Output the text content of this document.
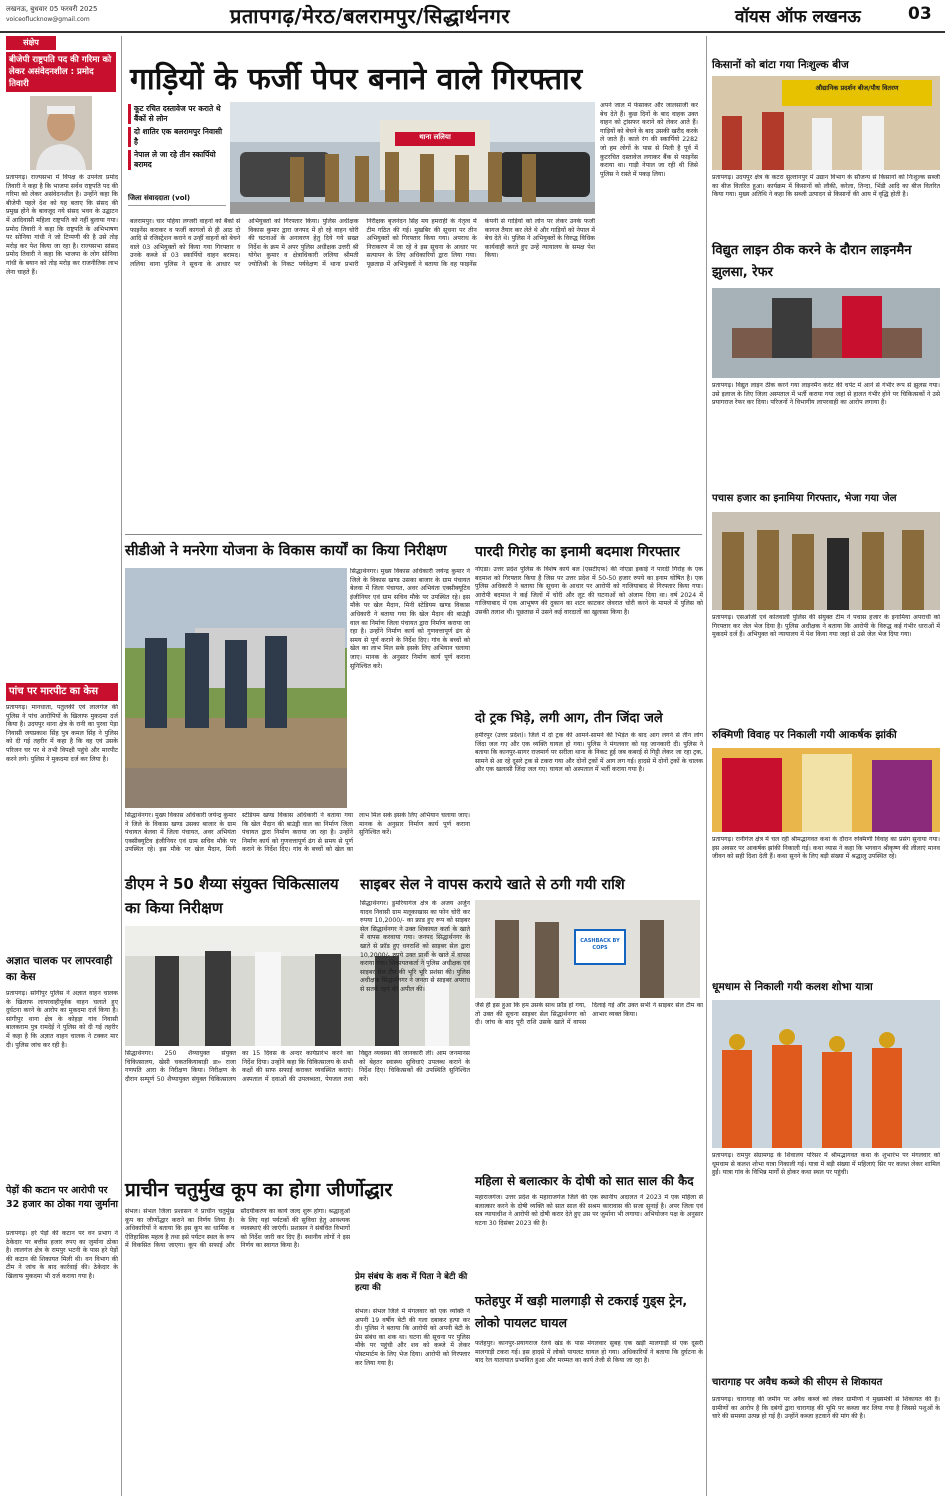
लखनऊ, बुधवार 05 फरवरी 2025
voiceoflucknow@gmail.com	प्रतापगढ़/मेरठ/बलरामपुर/सिद्धार्थनगर	वॉयस ऑफ लखनऊ	03
संक्षेप
बीजेपी राष्ट्रपति पद की गरिमा को लेकर असंवेदनशील : प्रमोद तिवारी
प्रतापगढ़। राज्यसभा में विपक्ष के उपनेता प्रमोद तिवारी ने कहा है कि भाजपा सर्वथ राष्ट्रपति पद की गरिमा को लेकर असंवेदनशील है। उन्होंने कहा कि बीजेपी पहले देश को यह बताए कि संसद की प्रमुख होने के बावजूद नये संसद भवन के उद्घाटन में आदिवासी महिला राष्ट्रपति को नहीं बुलाया गया। प्रमोद तिवारी ने कहा कि राष्ट्रपति के अभिभाषण पर सोनिया गांधी ने जो टिप्पणी की है उसे तोड़ मरोड़ कर पेश किया जा रहा है। राज्यसभा सांसद प्रमोद तिवारी ने कहा कि भाजपा के लोग सोनिया गांधी के बयान को तोड़ मरोड़ कर राजनीतिक लाभ लेना चाहते हैं।
पांच पर मारपीट का केस
प्रतापगढ़। मानधाता, पतुलकी एवं लालगंज की पुलिस ने पांच आरोपियों के खिलाफ मुकदमा दर्ज किया है। उदयपुर थाना क्षेत्र के रानी का पुरवा पेड़ा निवासी जयप्रकाश सिंह पुत्र कमल सिंह ने पुलिस को दी गई तहरीर में कहा है कि वह एवं उसके परिजन घर पर थे तभी विपक्षी पहुंचे और मारपीट करने लगे। पुलिस ने मुकदमा दर्ज कर लिया है।
अज्ञात चालक पर लापरवाही का केस
प्रतापगढ़। सांगीपुर पुलिस ने अज्ञात वाहन चालक के खिलाफ लापरवाहीपूर्वक वाहन चलाते हुए दुर्घटना करने के आरोप का मुकदमा दर्ज किया है। सांगीपुर थाना क्षेत्र के कोहड़ा गांव निवासी बालकराम पुत्र रामदेई ने पुलिस को दी गई तहरीर में कहा है कि अज्ञात वाहन चालक ने टक्कर मार दी। पुलिस जांच कर रही है।
पेड़ों की कटान पर आरोपी पर 32 हजार का ठोका गया जुर्माना
प्रतापगढ़। हरे पेड़ों की कटान पर वन प्रभाग ने ठेकेदार पर बत्तीस हजार रुपए का जुर्माना ठोका है। लालगंज क्षेत्र के रामपुर भटनी के पास हरे पेड़ों की कटान की शिकायत मिली थी। वन विभाग की टीम ने जांच के बाद कार्रवाई की। ठेकेदार के खिलाफ मुकदमा भी दर्ज कराया गया है।
गाड़ियों के फर्जी पेपर बनाने वाले गिरफ्तार
कूट रचित दस्तावेज पर कराते थे बैंकों से लोन
दो शातिर एक बलरामपुर निवासी है
नेपाल ले जा रहे तीन स्कार्पियो बरामद
जिला संवाददाता (vol)
थाना ललिया
बलरामपुर। चार पहिया लग्जरी वाहनों को बैंकों से फाइनेंस कराकर व फर्जी कागजों से ही आठ दो आदि से रजिस्ट्रेशन कराने व उन्हीं वाहनों को बेचने वाले 03 अभियुक्तों को किया गया गिरफ्तार व उनके कब्जे से 03 स्कार्पियो वाहन बरामद। ललिया थाना पुलिस ने सूचना के आधार पर अभियुक्तों को गिरफ्तार किया। पुलिस अधीक्षक विकास कुमार द्वारा जनपद में हो रहे वाहन चोरी की घटनाओं के अनावरण हेतु दिये गये सख्त निर्देश के क्रम में अपर पुलिस अधीक्षक उत्तरी श्री योगेश कुमार व क्षेत्राधिकारी ललिया श्रीमती ज्योतिश्री के निकट पर्यवेक्षण में थाना प्रभारी निरीक्षक बृजनंदन सिंह मय हमराही के नेतृत्व में टीम गठित की गई। मुखबिर की सूचना पर तीन अभियुक्तों को गिरफ्तार किया गया। अपराध के निराकरण में जा रहे वे इस सूचना के आधार पर सत्यापन के लिए अधिकारियों द्वारा लिया गया। पूछताछ में अभियुक्तों ने बताया कि वह फाइनेंस कंपनी से गाड़ियों को लोन पर लेकर उनके फर्जी कागज तैयार कर लेते थे और गाड़ियों को नेपाल में बेच देते थे। पुलिस ने अभियुक्तों के विरुद्ध विधिक कार्यवाही करते हुए उन्हें न्यायालय के समक्ष पेश किया।
अपने जाल में फंसाकर और जालसाजी कर बेच देते हैं। कुछ दिनों के बाद वाहक उक्त वाहन को ट्रांसफर कराने को लेकर आते हैं। गाड़ियों को बेचने के बाद उसकी खरीद करके ले जाते हैं। काले रंग की स्कार्पियो 2282 जो हम लोगों के पास से मिली है पूर्व में कुटरचित दस्तावेज लगाकर बैंक से फाइनेंस कराया था। गाड़ी नेपाल जा रही थी जिसे पुलिस ने रास्ते में पकड़ लिया।
सीडीओ ने मनरेगा योजना के विकास कार्यों का किया निरीक्षण
सिद्धार्थनगर। मुख्य विकास अधिकारी जयेन्द्र कुमार ने जिले के विकास खण्ड उसका बाजार के ग्राम पंचायत बेलवा में जिला पंचायत, अवर अभियंता एक्सीक्यूटिव इंजीनियर एवं ग्राम सचिव मौके पर उपस्थित रहे। इस मौके पर खेल मैदान, मिनी स्टेडियम खण्ड विकास अधिकारी ने बताया गया कि खेल मैदान की बाउंड्री वाल का निर्माण जिला पंचायत द्वारा निर्माण कराया जा रहा है। उन्होंने निर्माण कार्य को गुणवत्तापूर्ण ढंग से समय से पूर्ण कराने के निर्देश दिए। गांव के बच्चों को खेल का लाभ मिल सके इसके लिए अभियान चलाया जाए। मानक के अनुसार निर्माण कार्य पूर्ण कराना सुनिश्चित करें।
सिद्धार्थनगर। मुख्य विकास अधिकारी जयेन्द्र कुमार ने जिले के विकास खण्ड उसका बाजार के ग्राम पंचायत बेलवा में जिला पंचायत, अवर अभियंता एक्सीक्यूटिव इंजीनियर एवं ग्राम सचिव मौके पर उपस्थित रहे। इस मौके पर खेल मैदान, मिनी स्टेडियम खण्ड विकास अधिकारी ने बताया गया कि खेल मैदान की बाउंड्री वाल का निर्माण जिला पंचायत द्वारा निर्माण कराया जा रहा है। उन्होंने निर्माण कार्य को गुणवत्तापूर्ण ढंग से समय से पूर्ण कराने के निर्देश दिए। गांव के बच्चों को खेल का लाभ मिल सके इसके लिए अभियान चलाया जाए। मानक के अनुसार निर्माण कार्य पूर्ण कराना सुनिश्चित करें।
डीएम ने 50 शैय्या संयुक्त चिकित्सालय का किया निरीक्षण
सिद्धार्थनगर। 250 शैय्यायुक्त संयुक्त चिकित्सालय, खेसी चकतकियाबाड़ी डा० राजा गणपति आरा के निरीक्षण किया। निरीक्षण के दौरान सम्पूर्ण 50 शैय्यायुक्त संयुक्त चिकित्सालय का 15 दिवस के अन्दर कार्यप्रारंभ करने का निर्देश दिया। उन्होंने कहा कि चिकित्सालय के सभी कक्षों की साफ सफाई कराकर व्यवस्थित कराएं। अस्पताल में दवाओं की उपलब्धता, पेयजल तथा विद्युत व्यवस्था की जानकारी ली। आम जनमानस को बेहतर स्वास्थ्य सुविधाएं उपलब्ध कराने के निर्देश दिए। चिकित्सकों की उपस्थिति सुनिश्चित करें।
पारदी गिरोह का इनामी बदमाश गिरफ्तार
नोएडा। उत्तर प्रदेश पुलिस के विशेष कार्य बल (एसटीएफ) की नोएडा इकाई ने पारदी गिरोह के एक बदमाश को गिरफ्तार किया है जिस पर उत्तर प्रदेश में 50-50 हजार रुपये का इनाम घोषित है। एक पुलिस अधिकारी ने बताया कि सूचना के आधार पर आरोपी को गाजियाबाद से गिरफ्तार किया गया। आरोपी बदमाश ने कई जिलों में चोरी और लूट की घटनाओं को अंजाम दिया था। वर्ष 2024 में गाजियाबाद में एक आभूषण की दुकान का शटर काटकर जेवरात चोरी करने के मामले में पुलिस को उसकी तलाश थी। पूछताछ में उसने कई वारदातों का खुलासा किया है।
दो ट्रक भिड़े, लगी आग, तीन जिंदा जले
हमीरपुर (उत्तर प्रदेश)। जिले में दो ट्रक की आमने-सामने की भिड़ंत के बाद आग लगने से तीन लोग जिंदा जल गए और एक व्यक्ति घायल हो गया। पुलिस ने मंगलवार को यह जानकारी दी। पुलिस ने बताया कि कानपुर-सागर राजमार्ग पर सरीला थाना के निकट हुई जब कबरई से गिट्टी लेकर जा रहा ट्रक, सामने से आ रहे दूसरे ट्रक से टकरा गया और दोनों ट्रकों में आग लग गई। हादसे में दोनों ट्रकों के चालक और एक खलासी जिंदा जल गए। घायल को अस्पताल में भर्ती कराया गया है।
साइबर सेल ने वापस कराये खाते से ठगी गयी राशि
सिद्धार्थनगर। डुमरियागंज क्षेत्र के अजय अर्जुन यादव निवासी ग्राम मलूकाखास का फोन चोरी कर रुपया 10,2000/- का फ्राड हुए रूप को साइबर सेल सिद्धार्थनगर ने उक्त शिकायत कर्ता के खाते में वापस करवाया गया। जनपद सिद्धार्थनगर के खाते से फ्रॉड हुए धनराशि को साइबर सेल द्वारा 10,2000/- रुपये उक्त प्रार्थी के खाते में वापस कराया गया। शिकायतकर्ता ने पुलिस अधीक्षक एवं साइबर सेल टीम की भूरि भूरि प्रशंसा की। पुलिस अधीक्षक सिद्धार्थनगर ने जनता से साइबर अपराध से सतर्क रहने की अपील की।
CASHBACK BY COPS
जैसे ही इस हुआ कि हम उसके साथ फ्रॉड हो गया, तो उक्त की सूचना साइबर सेल सिद्धार्थनगर को दी। जांच के बाद पूरी राशि उसके खाते में वापस दिलाई गई और उक्त सभी ने साइबर सेल टीम का आभार व्यक्त किया।
महिला से बलात्कार के दोषी को सात साल की कैद
महाराजगंज। उत्तर प्रदेश के महाराजगंज जिले की एक स्थानीय अदालत ने 2023 में एक महिला से बलात्कार करने के दोषी व्यक्ति को सात साल की सश्रम कारावास की सजा सुनाई है। अपर जिला एवं सत्र न्यायाधीश ने आरोपी को दोषी करार देते हुए उस पर जुर्माना भी लगाया। अभियोजन पक्ष के अनुसार घटना 30 दिसंबर 2023 की है।
फतेहपुर में खड़ी मालगाड़ी से टकराई गुड्स ट्रेन, लोको पायलट घायल
फतेहपुर। कानपुर-प्रयागराज रेलवे खंड के पास मंगलवार सुबह एक खड़ी मालगाड़ी से एक दूसरी मालगाड़ी टकरा गई। इस हादसे में लोको पायलट घायल हो गया। अधिकारियों ने बताया कि दुर्घटना के बाद रेल यातायात प्रभावित हुआ और मरम्मत का कार्य तेजी से किया जा रहा है।
प्राचीन चतुर्मुख कूप का होगा जीर्णोद्धार
संभल। संभल जिला प्रशासन ने प्राचीन चतुर्मुख कूप का जीर्णोद्धार कराने का निर्णय लिया है। अधिकारियों ने बताया कि इस कूप का धार्मिक व ऐतिहासिक महत्व है तथा इसे पर्यटन स्थल के रूप में विकसित किया जाएगा। कूप की सफाई और सौंदर्यीकरण का कार्य जल्द शुरू होगा। श्रद्धालुओं के लिए यहां पर्यटकों की सुविधा हेतु आवश्यक व्यवस्थाएं की जाएंगी। प्रशासन ने संबंधित विभागों को निर्देश जारी कर दिए हैं। स्थानीय लोगों ने इस निर्णय का स्वागत किया है।
प्रेम संबंध के शक में पिता ने बेटी की हत्या की
संभल। संभल जिले में मंगलवार को एक व्यक्ति ने अपनी 19 वर्षीय बेटी की गला दबाकर हत्या कर दी। पुलिस ने बताया कि आरोपी को अपनी बेटी के प्रेम संबंध का शक था। घटना की सूचना पर पुलिस मौके पर पहुंची और शव को कब्जे में लेकर पोस्टमार्टम के लिए भेज दिया। आरोपी को गिरफ्तार कर लिया गया है।
किसानों को बांटा गया निःशुल्क बीज
औद्यानिक प्रदर्शन बीज/पौध वितरण
प्रतापगढ़। उदयपुर क्षेत्र के कटरा सुल्तानपुर में उद्यान विभाग के सौजन्य से किसानों को निःशुल्क सब्जी का बीज वितरित हुआ। कार्यक्रम में किसानों को लौकी, करेला, तिन्दा, भिंडी आदि का बीज वितरित किया गया। मुख्य अतिथि ने कहा कि सब्जी उत्पादन से किसानों की आय में वृद्धि होती है।
विद्युत लाइन ठीक करने के दौरान लाइनमैन झुलसा, रेफर
प्रतापगढ़। विद्युत लाइन ठीक करने गया लाइनमैन करंट की चपेट में आने से गंभीर रूप से झुलस गया। उसे इलाज के लिए जिला अस्पताल में भर्ती कराया गया जहां से हालत गंभीर होने पर चिकित्सकों ने उसे प्रयागराज रेफर कर दिया। परिजनों ने विभागीय लापरवाही का आरोप लगाया है।
पचास हजार का इनामिया गिरफ्तार, भेजा गया जेल
प्रतापगढ़। एसओजी एवं कोतवाली पुलिस की संयुक्त टीम ने पचास हजार के इनामिया अपराधी को गिरफ्तार कर जेल भेज दिया है। पुलिस अधीक्षक ने बताया कि आरोपी के विरुद्ध कई गंभीर धाराओं में मुकदमे दर्ज हैं। अभियुक्त को न्यायालय में पेश किया गया जहां से उसे जेल भेज दिया गया।
रुक्मिणी विवाह पर निकाली गयी आकर्षक झांकी
प्रतापगढ़। रानीगंज क्षेत्र में चल रही श्रीमद्भागवत कथा के दौरान रुक्मिणी विवाह का प्रसंग सुनाया गया। इस अवसर पर आकर्षक झांकी निकाली गई। कथा व्यास ने कहा कि भगवान श्रीकृष्ण की लीलाएं मानव जीवन को सही दिशा देती हैं। कथा सुनने के लिए बड़ी संख्या में श्रद्धालु उपस्थित रहे।
धूमधाम से निकाली गयी कलश शोभा यात्रा
प्रतापगढ़। रामपुर संग्रामगढ़ के शिवालय परिसर में श्रीमद्भागवत कथा के शुभारंभ पर मंगलवार को धूमधाम से कलश शोभा यात्रा निकाली गई। यात्रा में बड़ी संख्या में महिलाएं सिर पर कलश लेकर शामिल हुईं। यात्रा गांव के विभिन्न मार्गों से होकर कथा स्थल पर पहुंची।
चारागाह पर अवैध कब्जे की सीएम से शिकायत
प्रतापगढ़। चारागाह की जमीन पर अवैध कब्जे को लेकर ग्रामीणों ने मुख्यमंत्री से शिकायत की है। ग्रामीणों का आरोप है कि दबंगों द्वारा चारागाह की भूमि पर कब्जा कर लिया गया है जिससे पशुओं के चारे की समस्या उत्पन्न हो गई है। उन्होंने कब्जा हटवाने की मांग की है।
